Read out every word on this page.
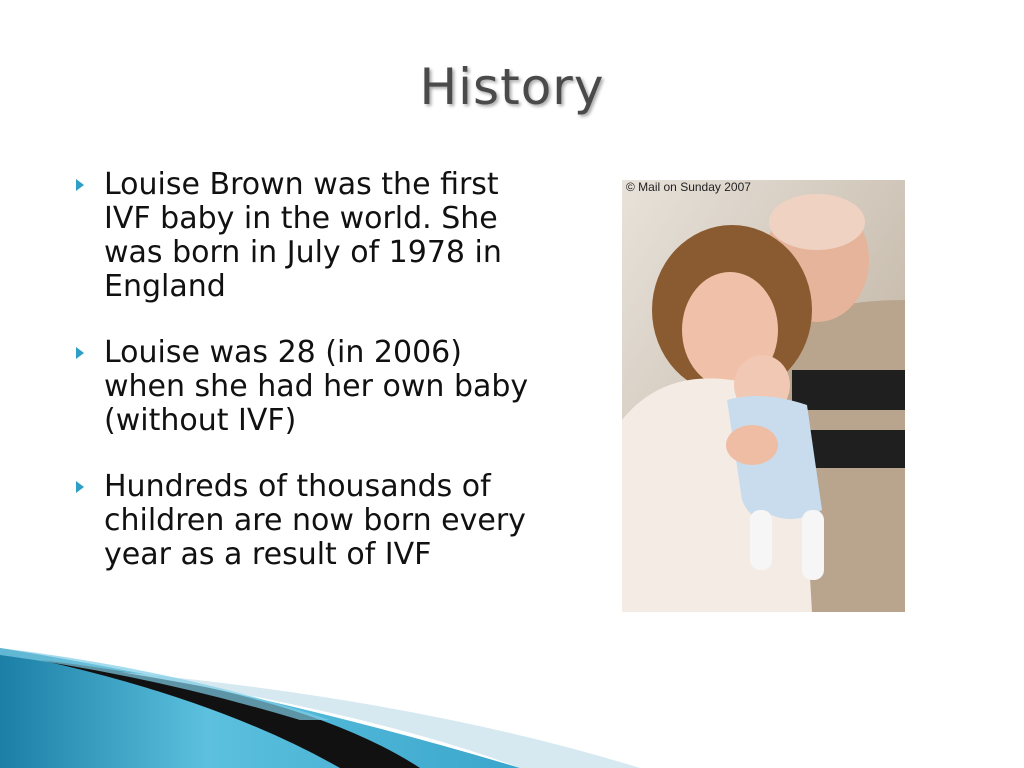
History
Louise Brown was the first IVF baby in the world. She was born in July of 1978 in England
Louise was 28 (in 2006) when she had her own baby (without IVF)
Hundreds of thousands of children are now born every year as a result of IVF
© Mail on Sunday 2007
